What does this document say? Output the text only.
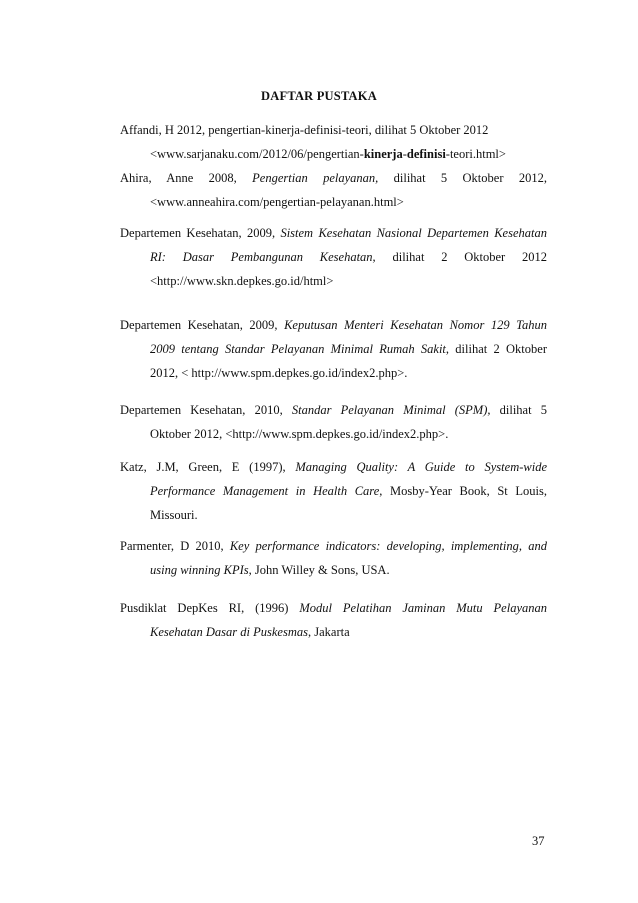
DAFTAR PUSTAKA
Affandi, H 2012, pengertian-kinerja-definisi-teori, dilihat 5 Oktober 2012
<www.sarjanaku.com/2012/06/pengertian-kinerja-definisi-teori.html>
Ahira, Anne 2008, Pengertian pelayanan, dilihat 5 Oktober 2012,
<www.anneahira.com/pengertian-pelayanan.html>
Departemen Kesehatan, 2009, Sistem Kesehatan Nasional Departemen Kesehatan
RI: Dasar Pembangunan Kesehatan, dilihat 2 Oktober 2012
<http://www.skn.depkes.go.id/html>
Departemen Kesehatan, 2009, Keputusan Menteri Kesehatan Nomor 129 Tahun
2009 tentang Standar Pelayanan Minimal Rumah Sakit, dilihat 2 Oktober
2012, < http://www.spm.depkes.go.id/index2.php>.
Departemen Kesehatan, 2010, Standar Pelayanan Minimal (SPM), dilihat 5
Oktober 2012, <http://www.spm.depkes.go.id/index2.php>.
Katz, J.M, Green, E (1997), Managing Quality: A Guide to System-wide
Performance Management in Health Care, Mosby-Year Book, St Louis,
Missouri.
Parmenter, D 2010, Key performance indicators: developing, implementing, and
using winning KPIs, John Willey & Sons, USA.
Pusdiklat DepKes RI, (1996) Modul Pelatihan Jaminan Mutu Pelayanan
Kesehatan Dasar di Puskesmas, Jakarta
37
